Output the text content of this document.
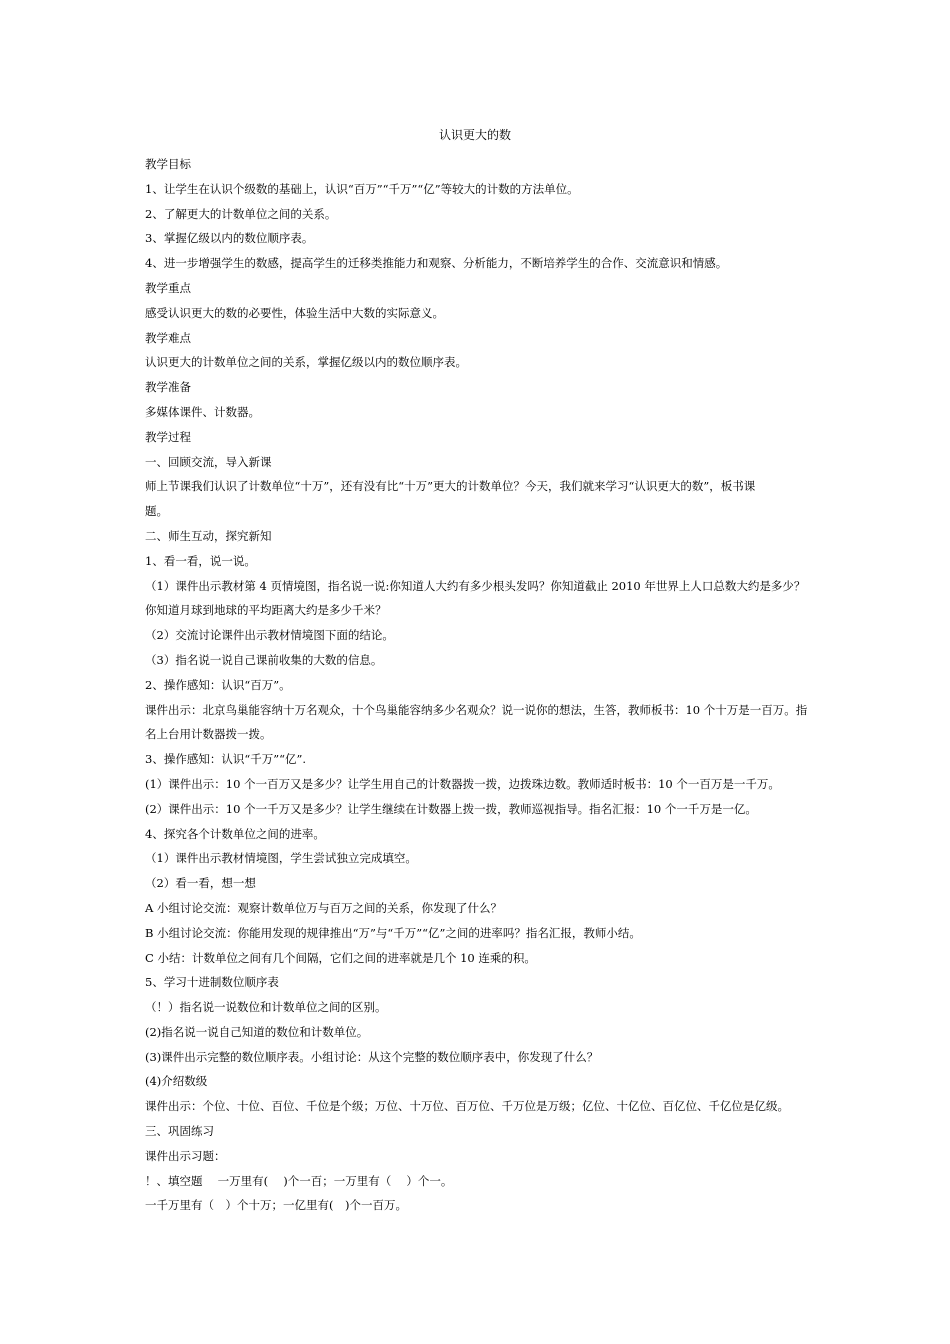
认识更大的数

教学目标

1、让学生在认识个级数的基础上，认识“百万”“千万”“亿”等较大的计数的方法单位。

2、了解更大的计数单位之间的关系。

3、掌握亿级以内的数位顺序表。

4、进一步增强学生的数感，提高学生的迁移类推能力和观察、分析能力，不断培养学生的合作、交流意识和情感。

教学重点

感受认识更大的数的必要性，体验生活中大数的实际意义。

教学难点

认识更大的计数单位之间的关系，掌握亿级以内的数位顺序表。

教学准备

多媒体课件、计数器。

教学过程

一、回顾交流，导入新课

师上节课我们认识了计数单位“十万”，还有没有比“十万”更大的计数单位？今天，我们就来学习“认识更大的数”，板书课

题。

二、师生互动，探究新知

1、看一看，说一说。

（1）课件出示教材第 4 页情境图，指名说一说:你知道人大约有多少根头发吗？你知道截止 2010 年世界上人口总数大约是多少？

你知道月球到地球的平均距离大约是多少千米？

（2）交流讨论课件出示教材情境图下面的结论。

（3）指名说一说自己课前收集的大数的信息。

2、操作感知：认识“百万”。

课件出示：北京鸟巢能容纳十万名观众，十个鸟巢能容纳多少名观众？说一说你的想法，生答，教师板书：10 个十万是一百万。指

名上台用计数器拨一拨。

3、操作感知：认识“千万”“亿”.

(1）课件出示：10 个一百万又是多少？让学生用自己的计数器拨一拨，边拨珠边数。教师适时板书：10 个一百万是一千万。

(2）课件出示：10 个一千万又是多少？让学生继续在计数器上拨一拨，教师巡视指导。指名汇报：10 个一千万是一亿。

4、探究各个计数单位之间的进率。

（1）课件出示教材情境图，学生尝试独立完成填空。

（2）看一看，想一想

A 小组讨论交流：观察计数单位万与百万之间的关系，你发现了什么？

B 小组讨论交流：你能用发现的规律推出“万”与“千万”“亿”之间的进率吗？指名汇报，教师小结。

C 小结：计数单位之间有几个间隔，它们之间的进率就是几个 10 连乘的积。

5、学习十进制数位顺序表

（！）指名说一说数位和计数单位之间的区别。

(2)指名说一说自己知道的数位和计数单位。

(3)课件出示完整的数位顺序表。小组讨论：从这个完整的数位顺序表中，你发现了什么？

(4)介绍数级

课件出示：个位、十位、百位、千位是个级；万位、十万位、百万位、千万位是万级；亿位、十亿位、百亿位、千亿位是亿级。

三、巩固练习

课件出示习题：

！、填空题　 一万里有(　 )个一百；一万里有（　 ）个一。

一千万里有（　）个十万；一亿里有(　)个一百万。
